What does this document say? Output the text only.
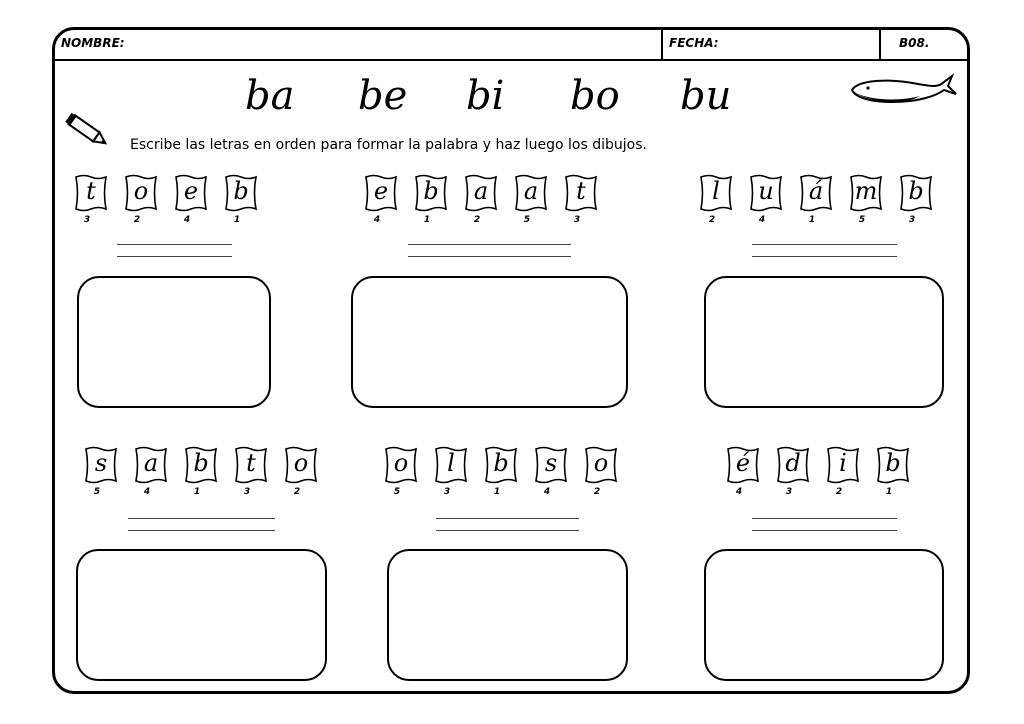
NOMBRE:	FECHA:	B08.
ba be bi bo bu
Escribe las letras en orden para formar la palabra y haz luego los dibujos.
t
3
o
2
e
4
b
1
e
4
b
1
a
2
a
5
t
3
l
2
u
4
á
1
m
5
b
3
s
5
a
4
b
1
t
3
o
2
o
5
l
3
b
1
s
4
o
2
é
4
d
3
i
2
b
1
